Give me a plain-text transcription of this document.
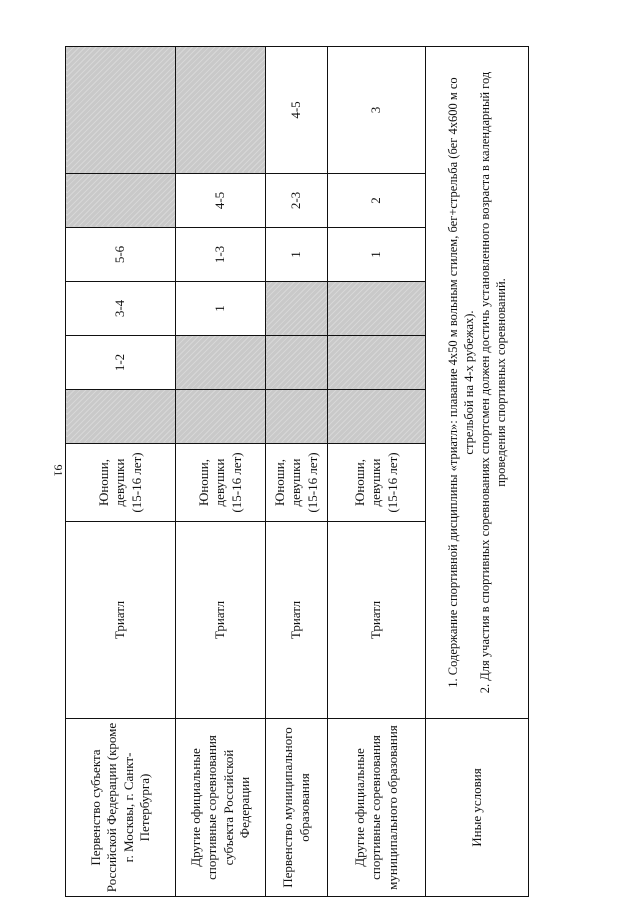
91
Первенство субъекта Российской Федерации (кроме г. Москвы, г. Санкт-Петербурга)	Триатл	Юноши, девушки (15-16 лет)		1-2	3-4	5-6		
Другие официальные спортивные соревнования субъекта Российской Федерации	Триатл	Юноши, девушки (15-16 лет)			1	1-3	4-5	
Первенство муниципального образования	Триатл	Юноши, девушки (15-16 лет)				1	2-3	4-5
Другие официальные спортивные соревнования муниципального образования	Триатл	Юноши, девушки (15-16 лет)				1	2	3
Иные условия	1. Содержание спортивной дисциплины «триатл»: плавание 4х50 м вольным стилем, бег+стрельба (бег 4х600 м со стрельбой на 4-х рубежах). 2. Для участия в спортивных соревнованиях спортсмен должен достичь установленного возраста в календарный год проведения спортивных соревнований.							
